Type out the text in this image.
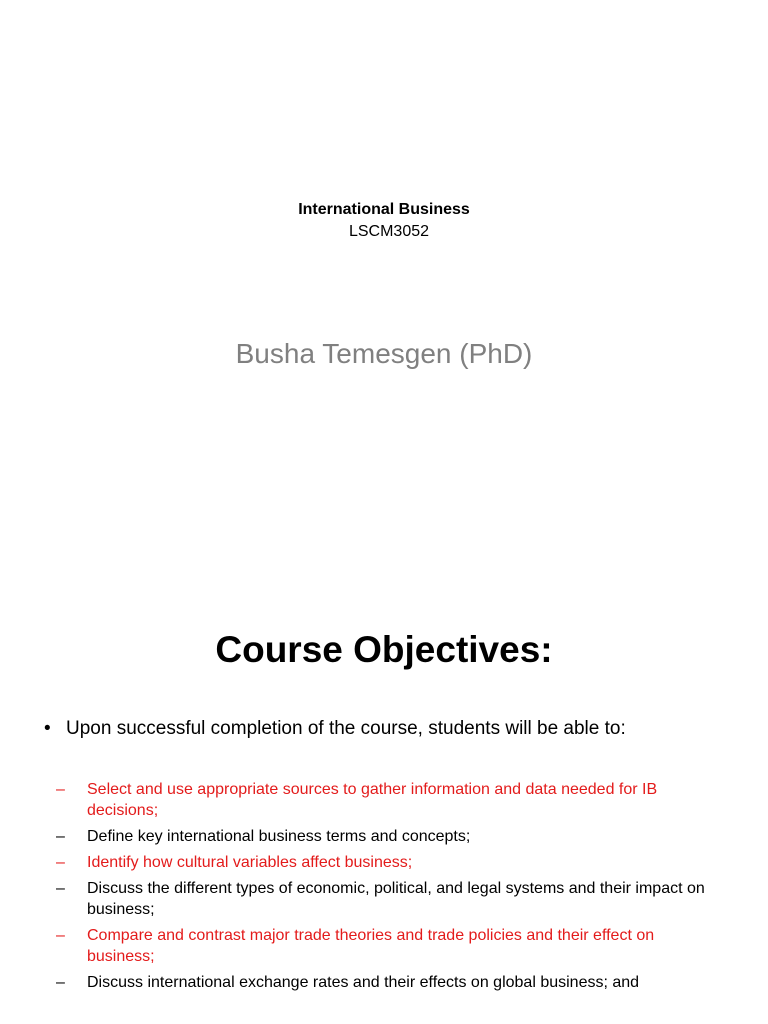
International Business
LSCM3052
Busha Temesgen (PhD)
Course Objectives:
• Upon successful completion of the course, students will be able to:
–	Select and use appropriate sources to gather information and data needed for IB decisions;
–	Define key international business terms and concepts;
–	Identify how cultural variables affect business;
–	Discuss the different types of economic, political, and legal systems and their impact on business;
–	Compare and contrast major trade theories and trade policies and their effect on business;
–	Discuss international exchange rates and their effects on global business; and
